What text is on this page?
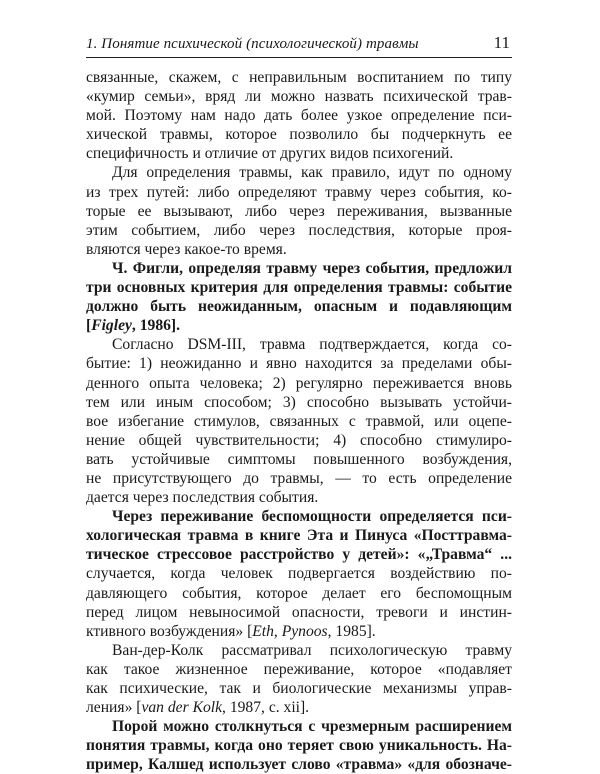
1. Понятие психической (психологической) травмы	11

связанные, скажем, с неправильным воспитанием по типу
«кумир семьи», вряд ли можно назвать психической трав-
мой. Поэтому нам надо дать более узкое определение пси-
хической травмы, которое позволило бы подчеркнуть ее
специфичность и отличие от других видов психогений.

Для определения травмы, как правило, идут по одному
из трех путей: либо определяют травму через события, ко-
торые ее вызывают, либо через переживания, вызванные
этим событием, либо через последствия, которые проя-
вляются через какое-то время.

Ч. Фигли, определяя травму через события, предложил
три основных критерия для определения травмы: событие
должно быть неожиданным, опасным и подавляющим
[Figley, 1986].

Согласно DSM-III, травма подтверждается, когда со-
бытие: 1) неожиданно и явно находится за пределами обы-
денного опыта человека; 2) регулярно переживается вновь
тем или иным способом; 3) способно вызывать устойчи-
вое избегание стимулов, связанных с травмой, или оцепе-
нение общей чувствительности; 4) способно стимулиро-
вать устойчивые симптомы повышенного возбуждения,
не присутствующего до травмы, — то есть определение
дается через последствия события.

Через переживание беспомощности определяется пси-
хологическая травма в книге Эта и Пинуса «Посттравма-
тическое стрессовое расстройство у детей»: «„Травма“ ...
случается, когда человек подвергается воздействию по-
давляющего события, которое делает его беспомощным
перед лицом невыносимой опасности, тревоги и инстин-
ктивного возбуждения» [Eth, Pynoos, 1985].

Ван-дер-Колк рассматривал психологическую травму
как такое жизненное переживание, которое «подавляет
как психические, так и биологические механизмы управ-
ления» [van der Kolk, 1987, с. xii].

Порой можно столкнуться с чрезмерным расширением
понятия травмы, когда оно теряет свою уникальность. На-
пример, Калшед использует слово «травма» «для обозначе-
